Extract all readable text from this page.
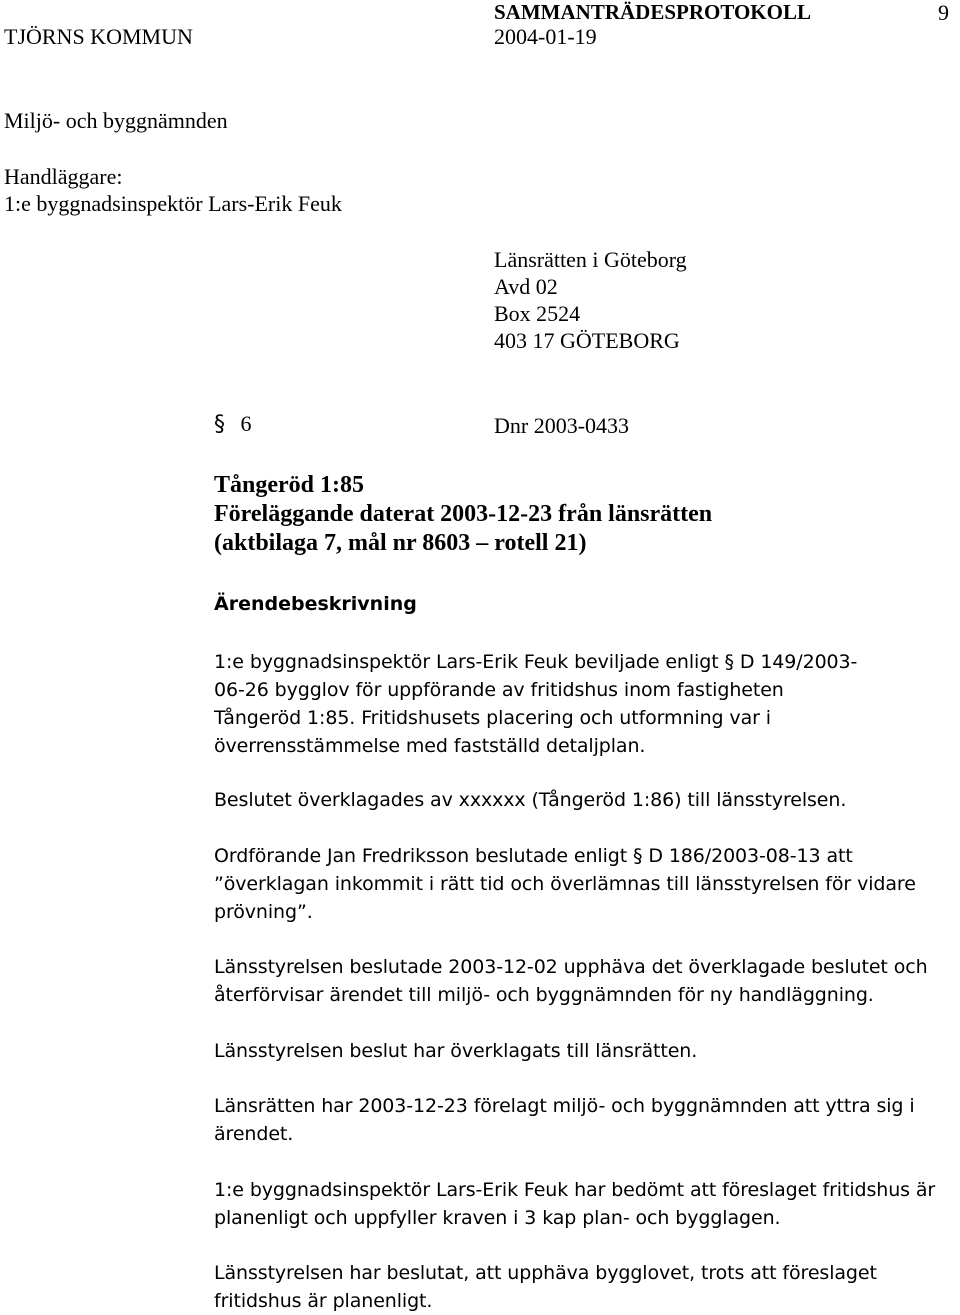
TJÖRNS KOMMUN
SAMMANTRÄDESPROTOKOLL
2004-01-19
9
Miljö- och byggnämnden
Handläggare:
1:e byggnadsinspektör Lars-Erik Feuk
Länsrätten i Göteborg
Avd 02
Box 2524
403 17 GÖTEBORG
§ 6	Dnr 2003-0433
Tångeröd 1:85
Föreläggande daterat 2003-12-23 från länsrätten
(aktbilaga 7, mål nr 8603 – rotell 21)
Ärendebeskrivning

1:e byggnadsinspektör Lars-Erik Feuk beviljade enligt § D 149/2003-06-26 bygglov för uppförande av fritidshus inom fastigheten Tångeröd 1:85. Fritidshusets placering och utformning var i överrensstämmelse med fastställd detaljplan.

Beslutet överklagades av xxxxxx (Tångeröd 1:86) till länsstyrelsen.

Ordförande Jan Fredriksson beslutade enligt § D 186/2003-08-13 att ”överklagan inkommit i rätt tid och överlämnas till länsstyrelsen för vidare prövning”.

Länsstyrelsen beslutade 2003-12-02 upphäva det överklagade beslutet och återförvisar ärendet till miljö- och byggnämnden för ny handläggning.

Länsstyrelsen beslut har överklagats till länsrätten.

Länsrätten har 2003-12-23 förelagt miljö- och byggnämnden att yttra sig i ärendet.

1:e byggnadsinspektör Lars-Erik Feuk har bedömt att föreslaget fritidshus är planenligt och uppfyller kraven i 3 kap plan- och bygglagen.

Länsstyrelsen har beslutat, att upphäva bygglovet, trots att föreslaget fritidshus är planenligt.
